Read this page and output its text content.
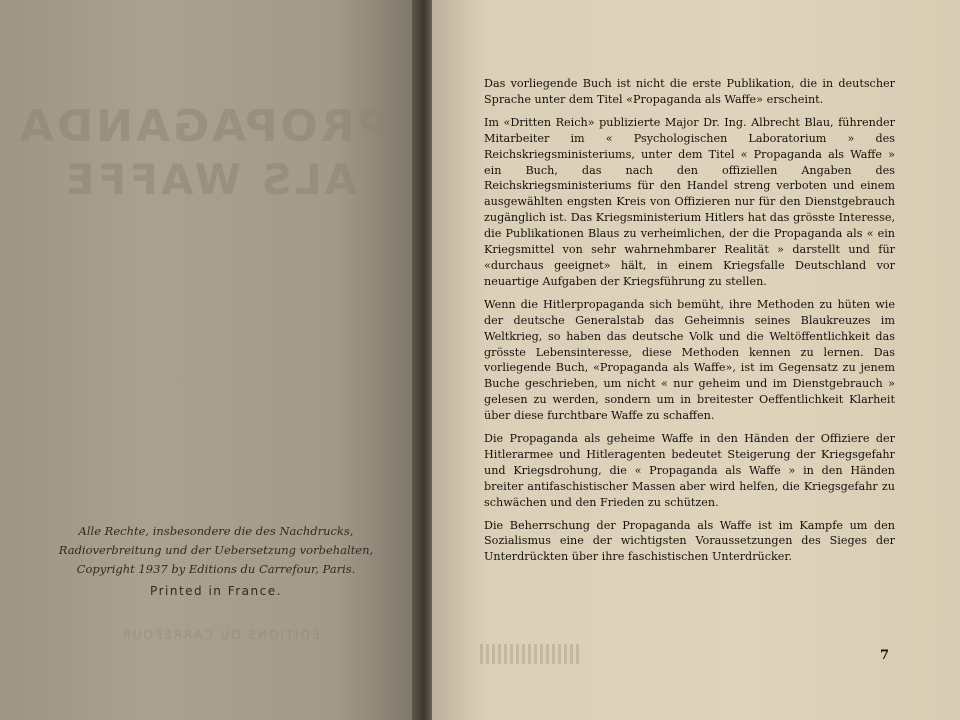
PROPAGANDA
ALS WAFFE
Alle Rechte, insbesondere die des Nachdrucks, Radioverbreitung und der Uebersetzung vorbehalten, Copyright 1937 by Editions du Carrefour, Paris.
Printed in France.
ÉDITIONS DU CARREFOUR

Das vorliegende Buch ist nicht die erste Publikation, die in deutscher Sprache unter dem Titel «Propaganda als Waffe» erscheint.

Im «Dritten Reich» publizierte Major Dr. Ing. Albrecht Blau, führender Mitarbeiter im « Psychologischen Laboratorium » des Reichskriegsministeriums, unter dem Titel « Propaganda als Waffe » ein Buch, das nach den offiziellen Angaben des Reichskriegsministeriums für den Handel streng verboten und einem ausgewählten engsten Kreis von Offizieren nur für den Dienstgebrauch zugänglich ist. Das Kriegsministerium Hitlers hat das grösste Interesse, die Publikationen Blaus zu verheimlichen, der die Propaganda als « ein Kriegsmittel von sehr wahrnehmbarer Realität » darstellt und für «durchaus geeignet» hält, in einem Kriegsfalle Deutschland vor neuartige Aufgaben der Kriegsführung zu stellen.

Wenn die Hitlerpropaganda sich bemüht, ihre Methoden zu hüten wie der deutsche Generalstab das Geheimnis seines Blaukreuzes im Weltkrieg, so haben das deutsche Volk und die Weltöffentlichkeit das grösste Lebensinteresse, diese Methoden kennen zu lernen. Das vorliegende Buch, «Propaganda als Waffe», ist im Gegensatz zu jenem Buche geschrieben, um nicht « nur geheim und im Dienstgebrauch » gelesen zu werden, sondern um in breitester Oeffentlichkeit Klarheit über diese furchtbare Waffe zu schaffen.

Die Propaganda als geheime Waffe in den Händen der Offiziere der Hitlerarmee und Hitleragenten bedeutet Steigerung der Kriegsgefahr und Kriegsdrohung, die « Propaganda als Waffe » in den Händen breiter antifaschistischer Massen aber wird helfen, die Kriegsgefahr zu schwächen und den Frieden zu schützen.

Die Beherrschung der Propaganda als Waffe ist im Kampfe um den Sozialismus eine der wichtigsten Voraussetzungen des Sieges der Unterdrückten über ihre faschistischen Unterdrücker.

7
